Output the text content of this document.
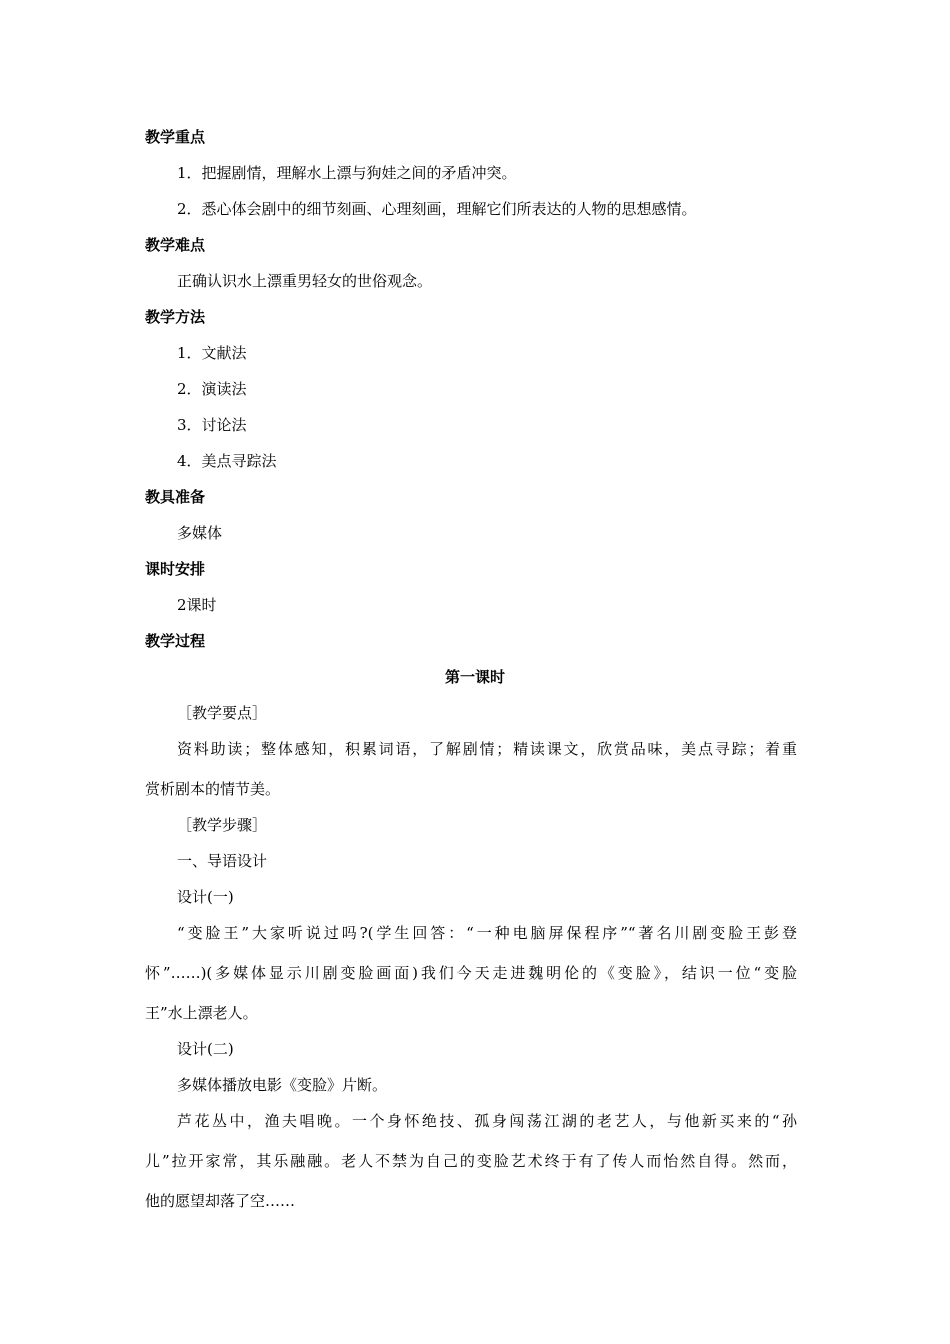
教学重点
1．把握剧情，理解水上漂与狗娃之间的矛盾冲突。
2．悉心体会剧中的细节刻画、心理刻画，理解它们所表达的人物的思想感情。
教学难点
正确认识水上漂重男轻女的世俗观念。
教学方法
1．文献法
2．演读法
3．讨论法
4．美点寻踪法
教具准备
多媒体
课时安排
2课时
教学过程
第一课时
［教学要点］
资料助读；整体感知，积累词语，了解剧情；精读课文，欣赏品味，美点寻踪；着重
赏析剧本的情节美。
［教学步骤］
一、导语设计
设计(一)
“变脸王”大家听说过吗?(学生回答：“一种电脑屏保程序”“著名川剧变脸王彭登
怀”……)(多媒体显示川剧变脸画面)我们今天走进魏明伦的《变脸》，结识一位“变脸
王”水上漂老人。
设计(二)
多媒体播放电影《变脸》片断。
芦花丛中，渔夫唱晚。一个身怀绝技、孤身闯荡江湖的老艺人，与他新买来的“孙
儿”拉开家常，其乐融融。老人不禁为自己的变脸艺术终于有了传人而怡然自得。然而，
他的愿望却落了空……
